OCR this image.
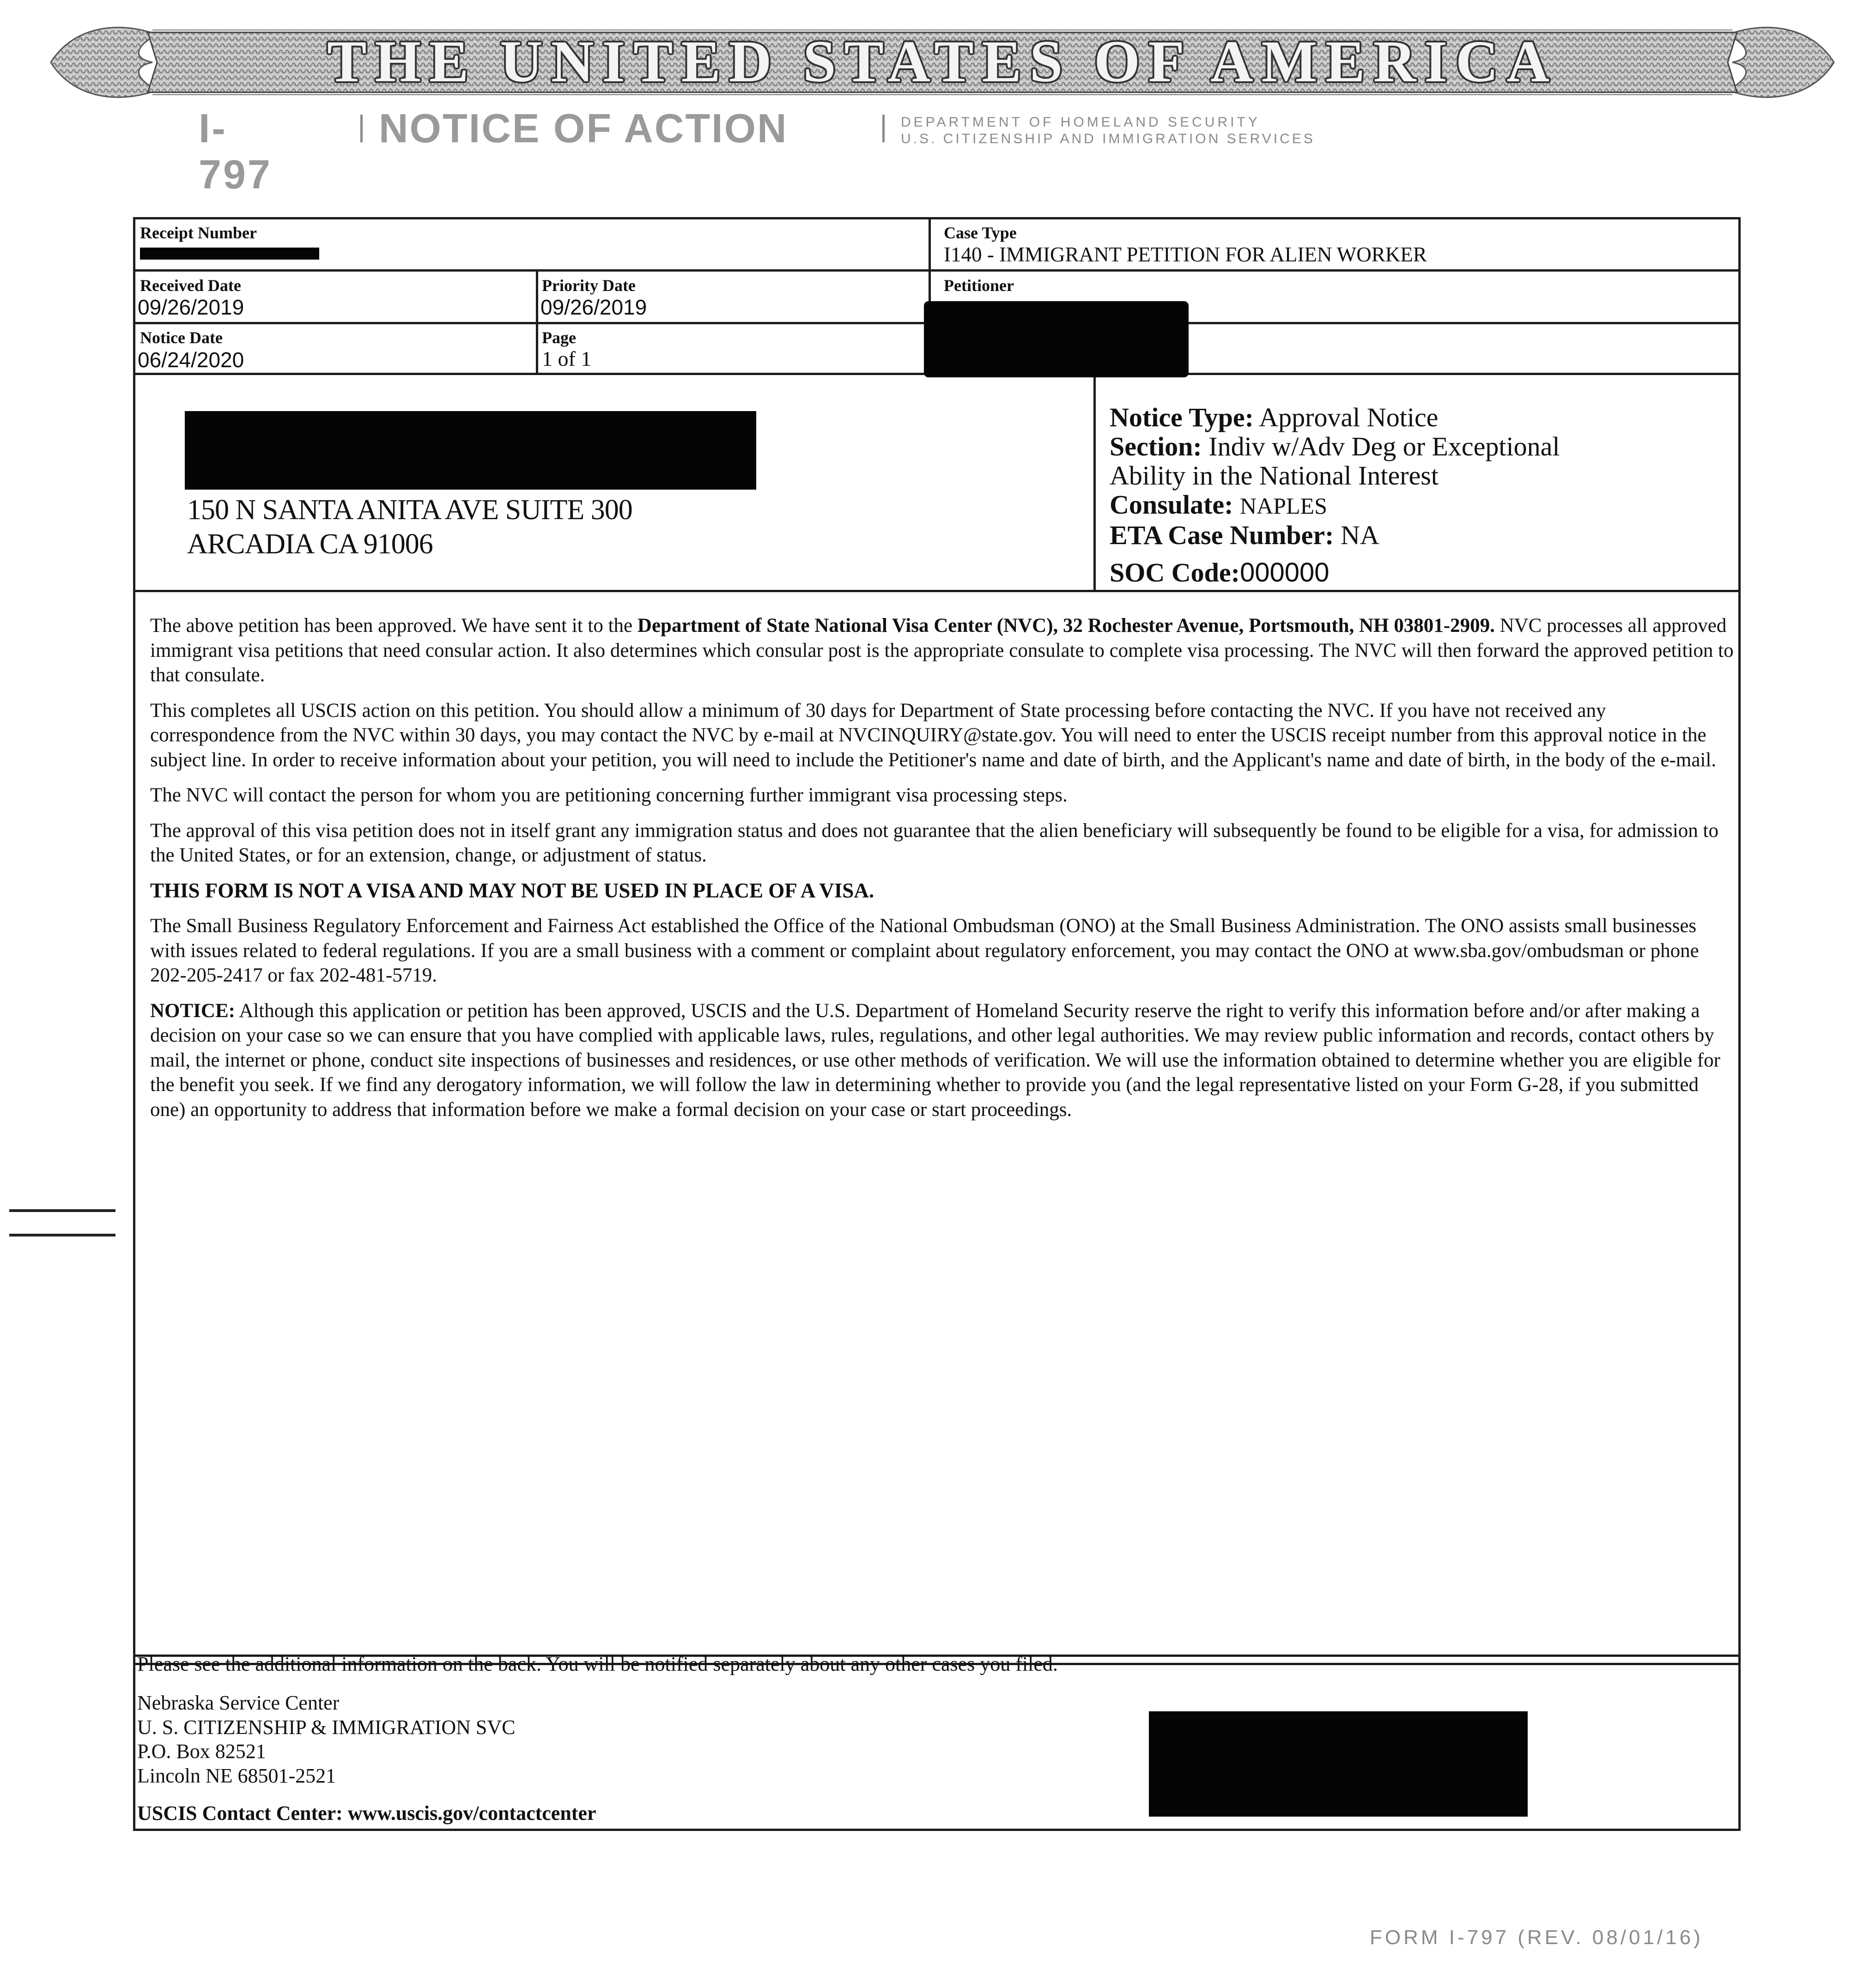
THE UNITED STATES OF AMERICA
I-797
NOTICE OF ACTION	DEPARTMENT OF HOMELAND SECURITY
U.S. CITIZENSHIP AND IMMIGRATION SERVICES
Receipt Number	Case Type
I140 - IMMIGRANT PETITION FOR ALIEN WORKER
Received Date
09/26/2019
Priority Date
09/26/2019
Petitioner
Notice Date
06/24/2020
Page
1 of 1
150 N SANTA ANITA AVE SUITE 300
ARCADIA CA 91006
Notice Type: Approval Notice
Section: Indiv w/Adv Deg or Exceptional
Ability in the National Interest
Consulate: NAPLES
ETA Case Number: NA
SOC Code:000000

The above petition has been approved. We have sent it to the Department of State National Visa Center (NVC), 32 Rochester Avenue, Portsmouth, NH 03801-2909. NVC processes all approved immigrant visa petitions that need consular action. It also determines which consular post is the appropriate consulate to complete visa processing. The NVC will then forward the approved petition to that consulate.

This completes all USCIS action on this petition. You should allow a minimum of 30 days for Department of State processing before contacting the NVC. If you have not received any correspondence from the NVC within 30 days, you may contact the NVC by e-mail at NVCINQUIRY@state.gov. You will need to enter the USCIS receipt number from this approval notice in the subject line. In order to receive information about your petition, you will need to include the Petitioner's name and date of birth, and the Applicant's name and date of birth, in the body of the e-mail.

The NVC will contact the person for whom you are petitioning concerning further immigrant visa processing steps.

The approval of this visa petition does not in itself grant any immigration status and does not guarantee that the alien beneficiary will subsequently be found to be eligible for a visa, for admission to the United States, or for an extension, change, or adjustment of status.

THIS FORM IS NOT A VISA AND MAY NOT BE USED IN PLACE OF A VISA.

The Small Business Regulatory Enforcement and Fairness Act established the Office of the National Ombudsman (ONO) at the Small Business Administration. The ONO assists small businesses with issues related to federal regulations. If you are a small business with a comment or complaint about regulatory enforcement, you may contact the ONO at www.sba.gov/ombudsman or phone 202-205-2417 or fax 202-481-5719.

NOTICE: Although this application or petition has been approved, USCIS and the U.S. Department of Homeland Security reserve the right to verify this information before and/or after making a decision on your case so we can ensure that you have complied with applicable laws, rules, regulations, and other legal authorities. We may review public information and records, contact others by mail, the internet or phone, conduct site inspections of businesses and residences, or use other methods of verification. We will use the information obtained to determine whether you are eligible for the benefit you seek. If we find any derogatory information, we will follow the law in determining whether to provide you (and the legal representative listed on your Form G-28, if you submitted one) an opportunity to address that information before we make a formal decision on your case or start proceedings.

Please see the additional information on the back. You will be notified separately about any other cases you filed.
Nebraska Service Center
U. S. CITIZENSHIP & IMMIGRATION SVC
P.O. Box 82521
Lincoln NE 68501-2521
USCIS Contact Center: www.uscis.gov/contactcenter
FORM I-797 (REV. 08/01/16)
